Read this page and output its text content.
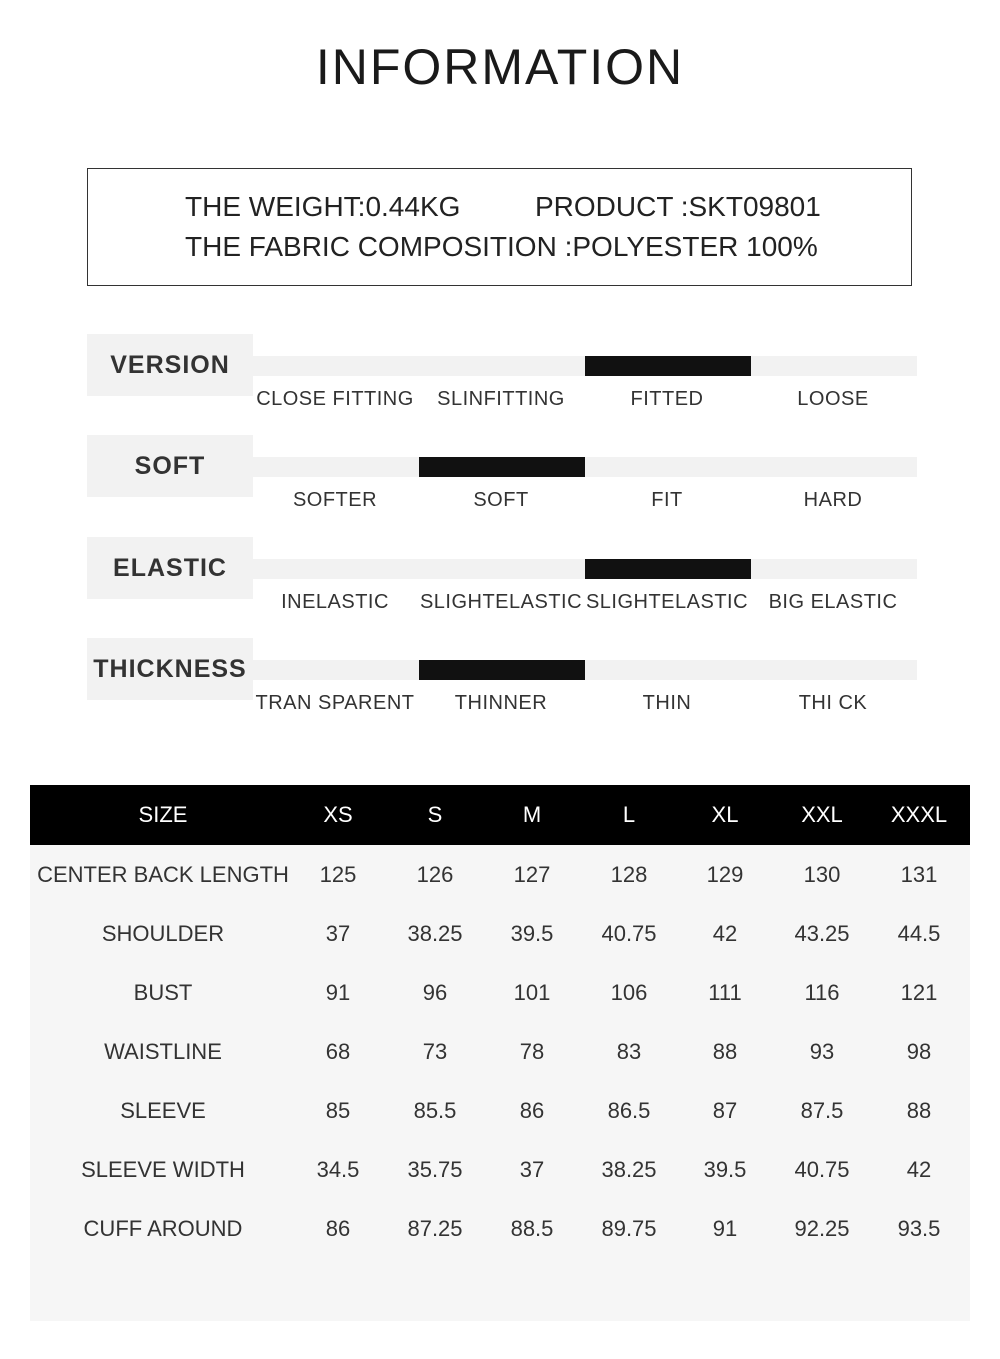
INFORMATION
THE WEIGHT:0.44KG	PRODUCT :SKT09801
THE FABRIC COMPOSITION :POLYESTER 100%
VERSION
CLOSE FITTING	SLINFITTING	FITTED	LOOSE
SOFT
SOFTER	SOFT	FIT	HARD
ELASTIC
INELASTIC	SLIGHTELASTIC SLIGHTELASTIC	BIG ELASTIC
THICKNESS
TRAN SPARENT	THINNER	THIN	THI CK
SIZE	XS	S	M	L	XL	XXL	XXXL
CENTER BACK LENGTH	125	126	127	128	129	130	131
SHOULDER	37	38.25	39.5	40.75	42	43.25	44.5
BUST	91	96	101	106	111	116	121
WAISTLINE	68	73	78	83	88	93	98
SLEEVE	85	85.5	86	86.5	87	87.5	88
SLEEVE WIDTH	34.5	35.75	37	38.25	39.5	40.75	42
CUFF AROUND	86	87.25	88.5	89.75	91	92.25	93.5
